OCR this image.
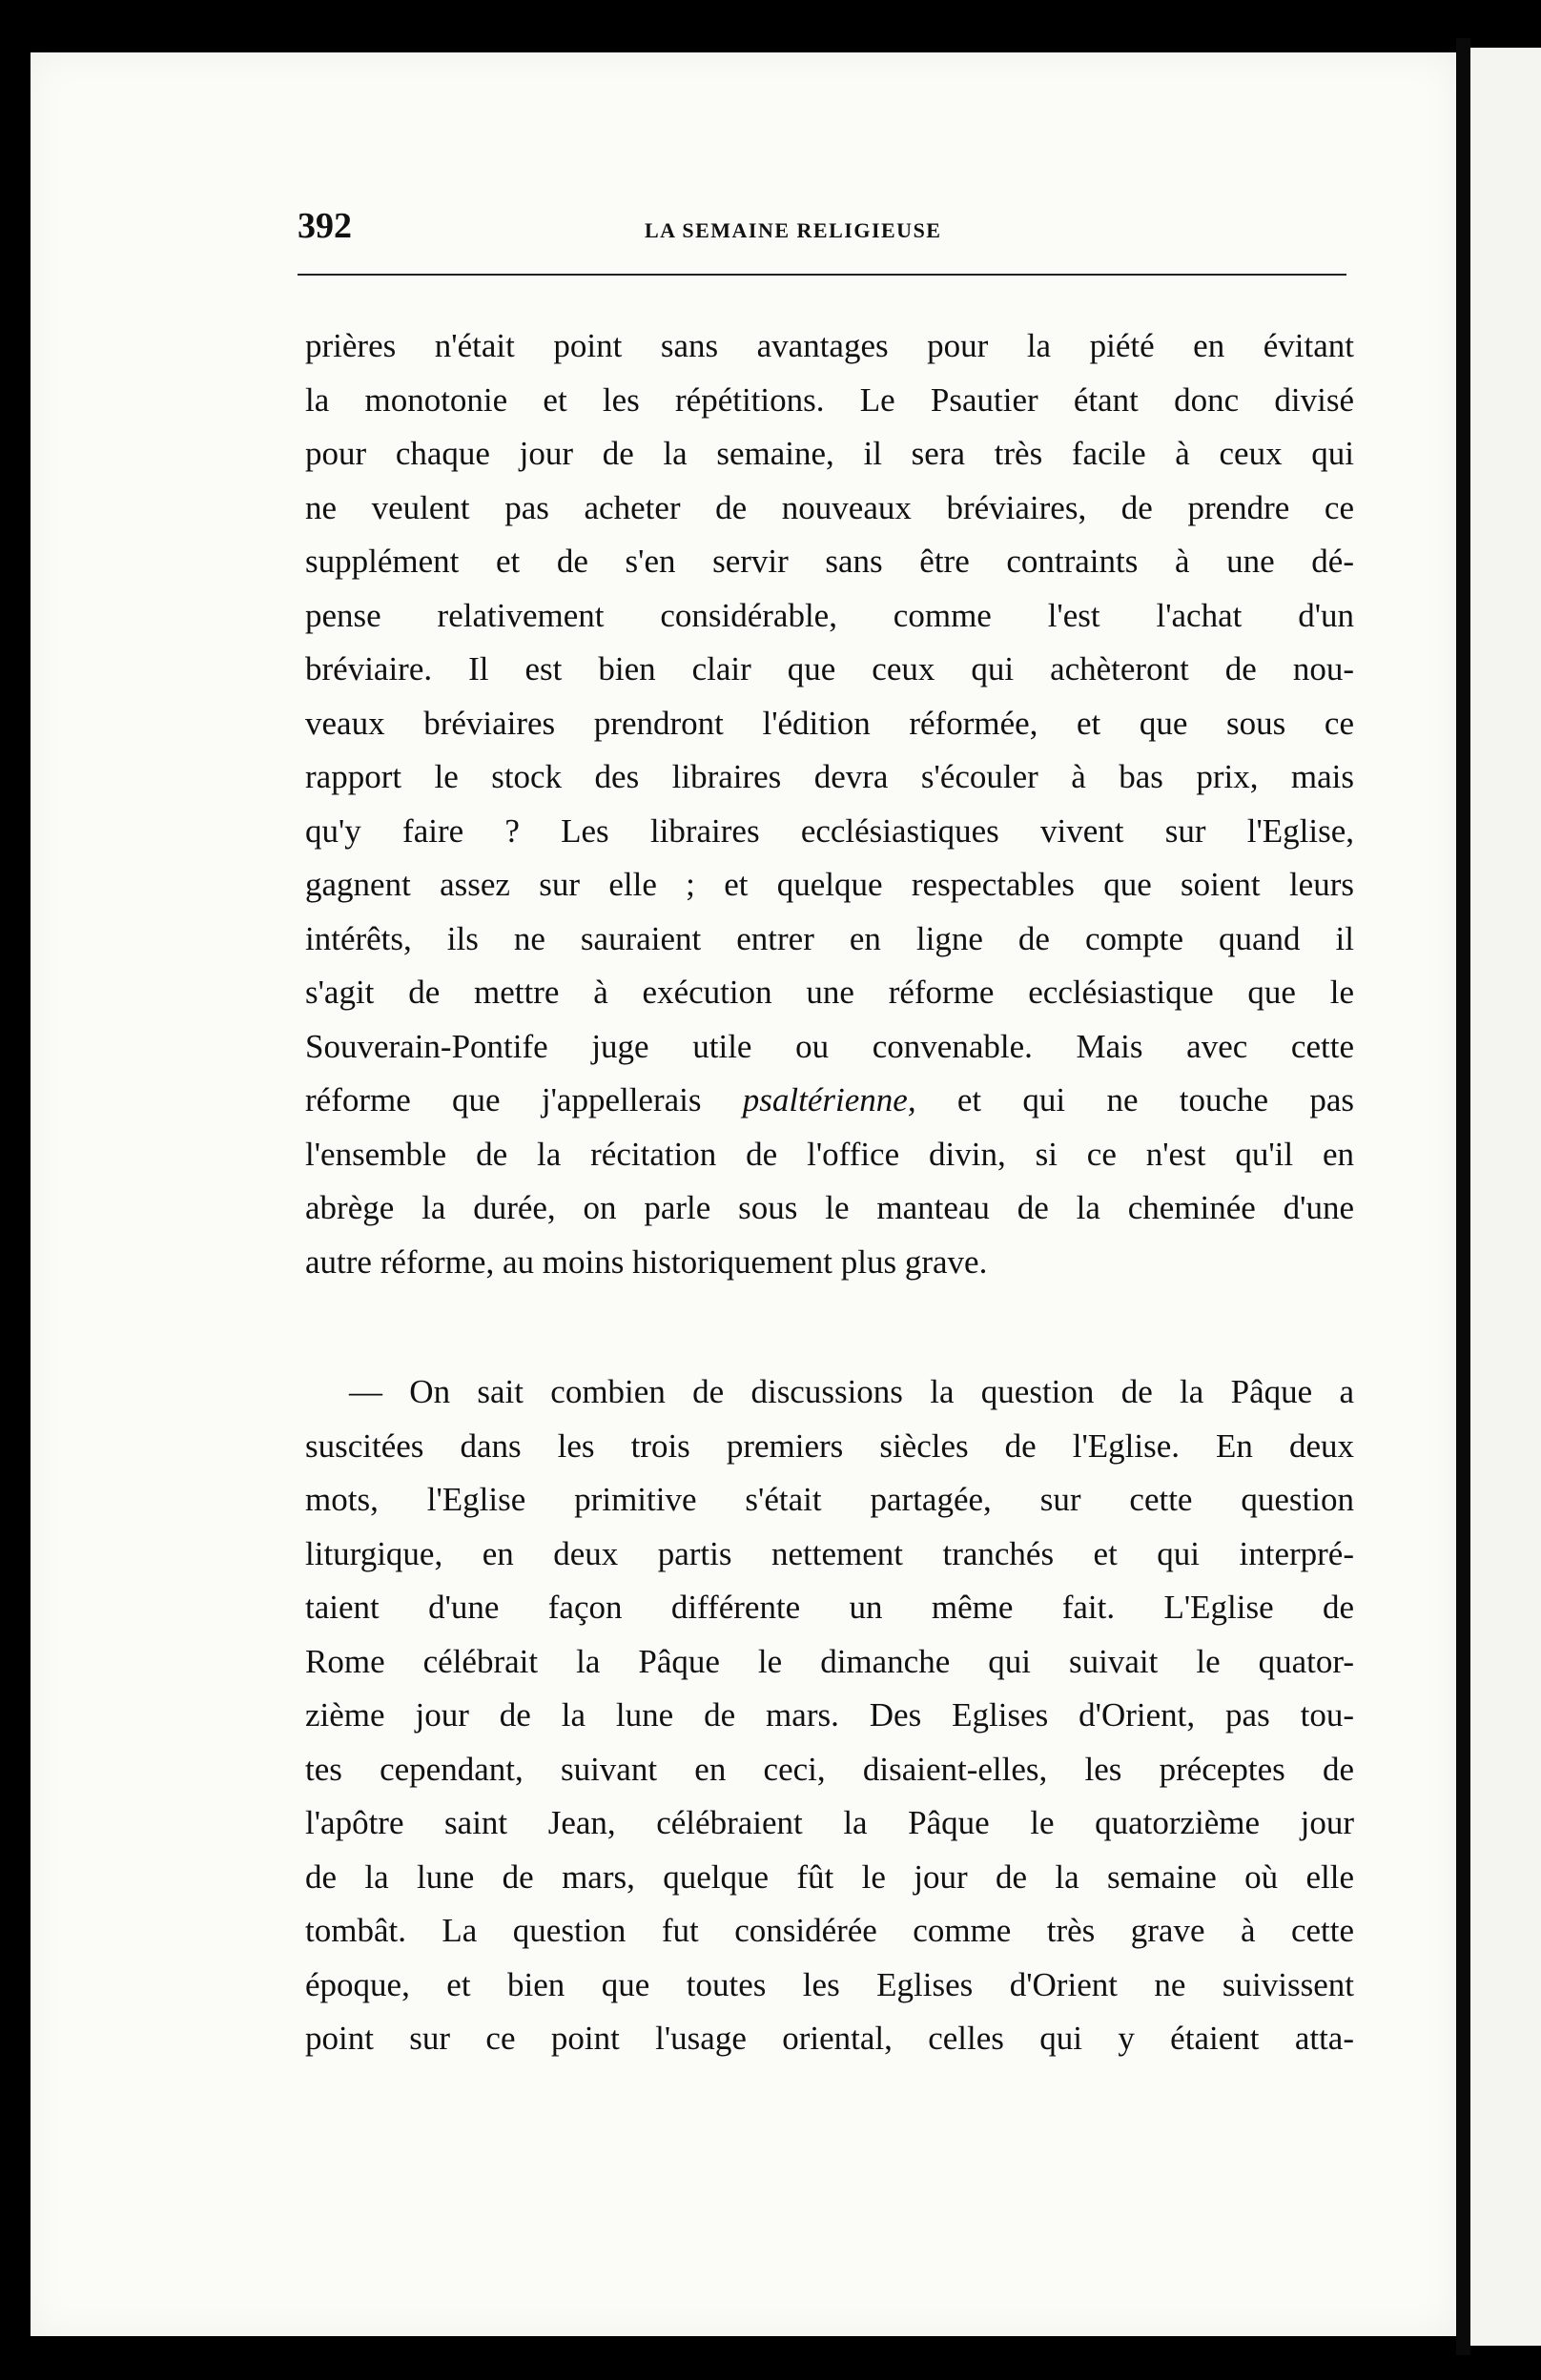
392	LA SEMAINE RELIGIEUSE
prières n'était point sans avantages pour la piété en évitant
la monotonie et les répétitions. Le Psautier étant donc divisé
pour chaque jour de la semaine, il sera très facile à ceux qui
ne veulent pas acheter de nouveaux bréviaires, de prendre ce
supplément et de s'en servir sans être contraints à une dé-
pense relativement considérable, comme l'est l'achat d'un
bréviaire. Il est bien clair que ceux qui achèteront de nou-
veaux bréviaires prendront l'édition réformée, et que sous ce
rapport le stock des libraires devra s'écouler à bas prix, mais
qu'y faire ? Les libraires ecclésiastiques vivent sur l'Eglise,
gagnent assez sur elle ; et quelque respectables que soient leurs
intérêts, ils ne sauraient entrer en ligne de compte quand il
s'agit de mettre à exécution une réforme ecclésiastique que le
Souverain-Pontife juge utile ou convenable. Mais avec cette
réforme que j'appellerais psaltérienne, et qui ne touche pas
l'ensemble de la récitation de l'office divin, si ce n'est qu'il en
abrège la durée, on parle sous le manteau de la cheminée d'une
autre réforme, au moins historiquement plus grave.
— On sait combien de discussions la question de la Pâque a
suscitées dans les trois premiers siècles de l'Eglise. En deux
mots, l'Eglise primitive s'était partagée, sur cette question
liturgique, en deux partis nettement tranchés et qui interpré-
taient d'une façon différente un même fait. L'Eglise de
Rome célébrait la Pâque le dimanche qui suivait le quator-
zième jour de la lune de mars. Des Eglises d'Orient, pas tou-
tes cependant, suivant en ceci, disaient-elles, les préceptes de
l'apôtre saint Jean, célébraient la Pâque le quatorzième jour
de la lune de mars, quelque fût le jour de la semaine où elle
tombât. La question fut considérée comme très grave à cette
époque, et bien que toutes les Eglises d'Orient ne suivissent
point sur ce point l'usage oriental, celles qui y étaient atta-
